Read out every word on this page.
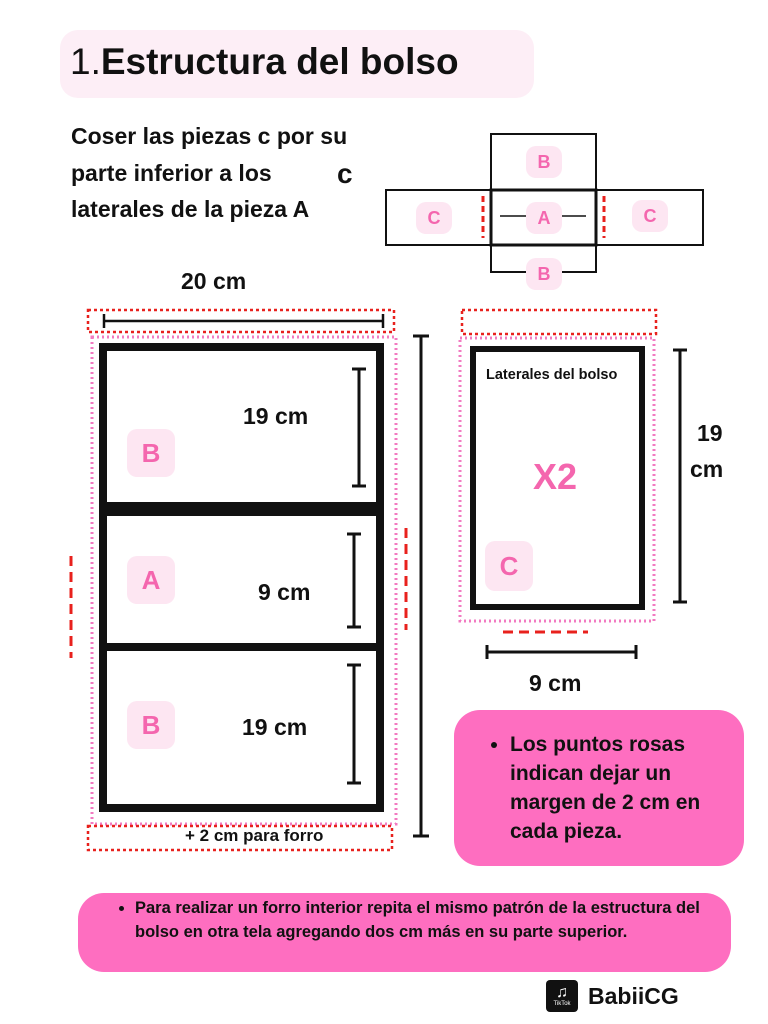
1.Estructura del bolso
Coser las piezas c por su parte inferior a los laterales de la pieza A
B
C	A	C
B
c
20 cm
B
19 cm
A	9 cm
B	19 cm
+ 2 cm para forro
Laterales del bolso
X2
C
19
cm
9 cm
• Los puntos rosas indican dejar un margen de 2 cm en cada pieza.
• Para realizar un forro interior repita el mismo patrón de la estructura del bolso en otra tela agregando dos cm más en su parte superior.
♫
TikTok BabiiCG
